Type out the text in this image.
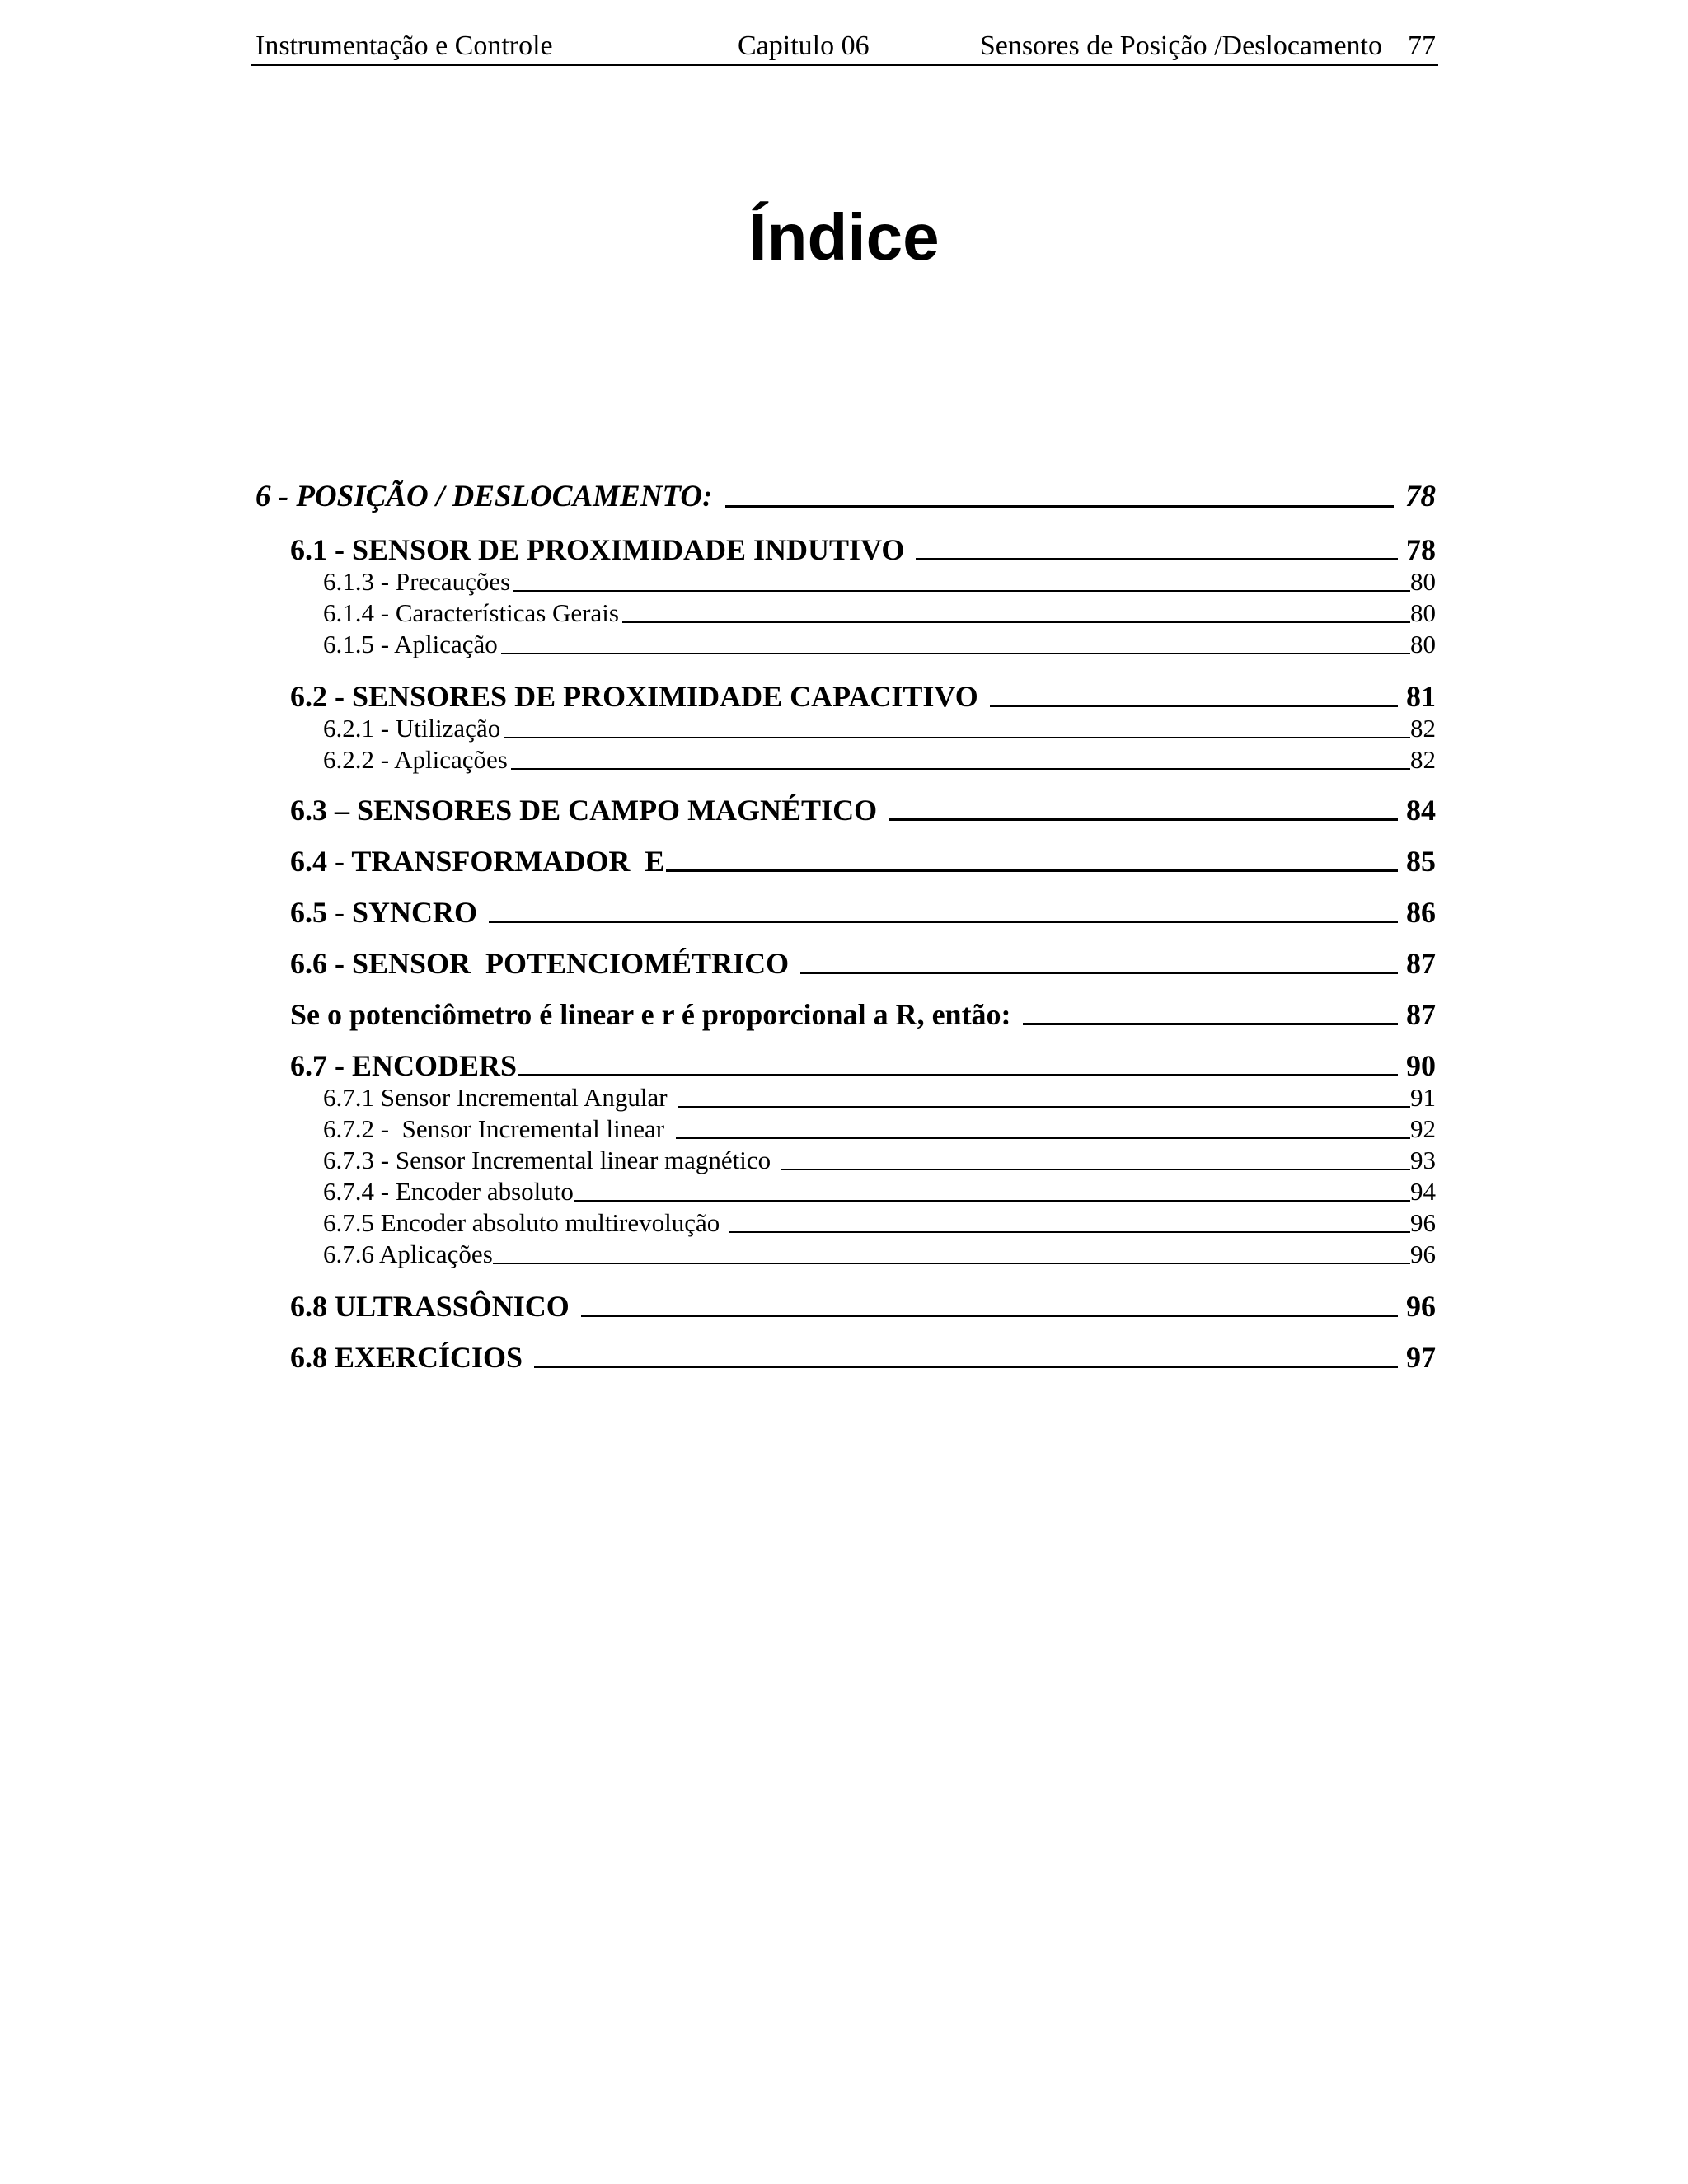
Instrumentação e Controle	Capitulo 06	Sensores de Posição /Deslocamento 77
Índice
6 - POSIÇÃO / DESLOCAMENTO:	78
6.1 - SENSOR DE PROXIMIDADE INDUTIVO	78
6.1.3 - Precauções	80
6.1.4 - Características Gerais	80
6.1.5 - Aplicação	80
6.2 - SENSORES DE PROXIMIDADE CAPACITIVO	81
6.2.1 - Utilização	82
6.2.2 - Aplicações	82
6.3 – SENSORES DE CAMPO MAGNÉTICO	84
6.4 - TRANSFORMADOR  E	85
6.5 - SYNCRO	86
6.6 - SENSOR  POTENCIOMÉTRICO	87
Se o potenciômetro é linear e r é proporcional a R, então:	87
6.7 - ENCODERS	90
6.7.1 Sensor Incremental Angular	91
6.7.2 -  Sensor Incremental linear	92
6.7.3 - Sensor Incremental linear magnético	93
6.7.4 - Encoder absoluto	94
6.7.5 Encoder absoluto multirevolução	96
6.7.6 Aplicações	96
6.8 ULTRASSÔNICO	96
6.8 EXERCÍCIOS	97
